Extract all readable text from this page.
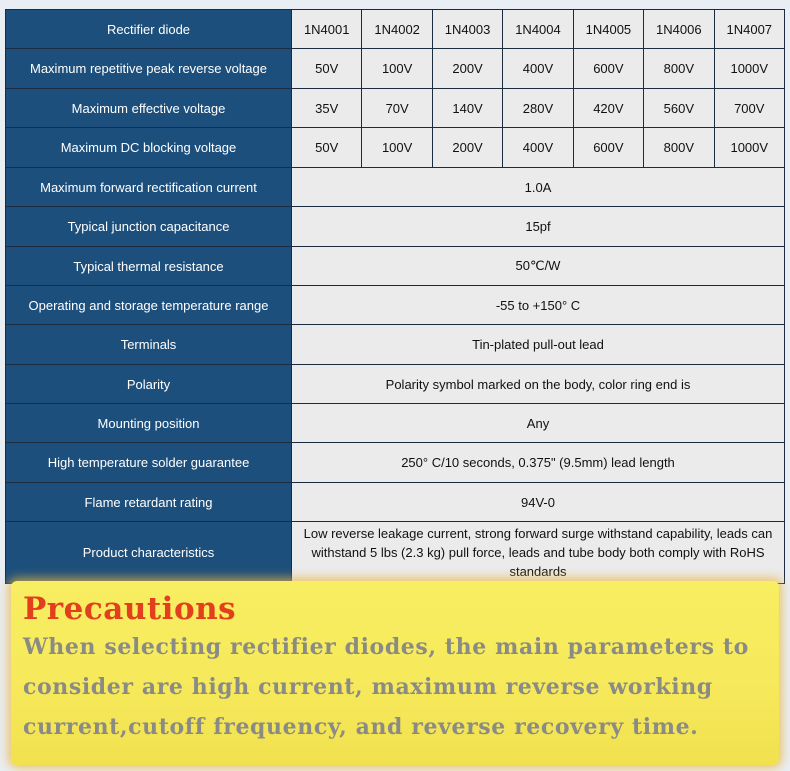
Rectifier diode	1N4001	1N4002	1N4003	1N4004	1N4005	1N4006	1N4007
Maximum repetitive peak reverse voltage	50V	100V	200V	400V	600V	800V	1000V
Maximum effective voltage	35V	70V	140V	280V	420V	560V	700V
Maximum DC blocking voltage	50V	100V	200V	400V	600V	800V	1000V
Maximum forward rectification current	1.0A						
Typical junction capacitance	15pf						
Typical thermal resistance	50℃/W						
Operating and storage temperature range	-55 to +150° C						
Terminals	Tin-plated pull-out lead						
Polarity	Polarity symbol marked on the body, color ring end is						
Mounting position	Any						
High temperature solder guarantee	250° C/10 seconds, 0.375" (9.5mm) lead length						
Flame retardant rating	94V-0						
Product characteristics	Low reverse leakage current, strong forward surge withstand capability, leads can withstand 5 lbs (2.3 kg) pull force, leads and tube body both comply with RoHS standards						
Precautions
When selecting rectifier diodes, the main parameters to
consider are high current, maximum reverse working
current,cutoff frequency, and reverse recovery time.
